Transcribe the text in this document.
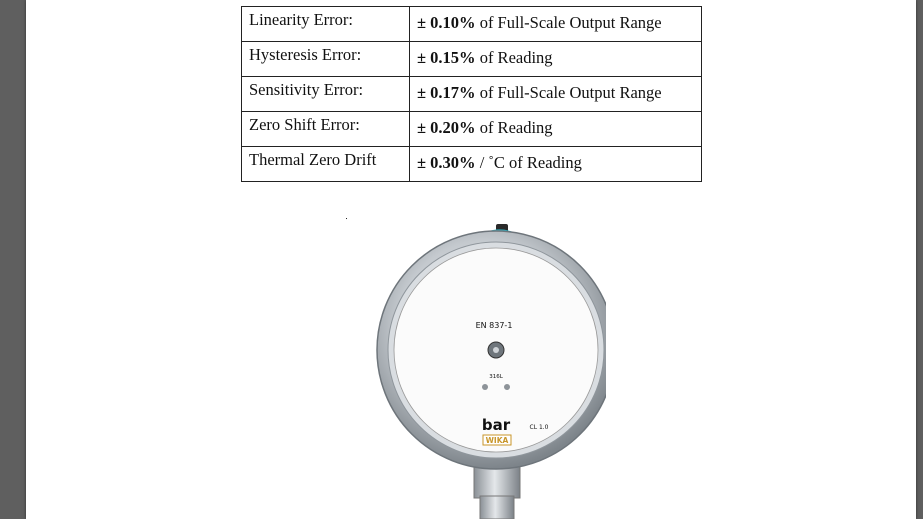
Linearity Error:	± 0.10% of Full-Scale Output Range
Hysteresis Error:	± 0.15% of Reading
Sensitivity Error:	± 0.17% of Full-Scale Output Range
Zero Shift Error:	± 0.20% of Reading
Thermal Zero Drift	± 0.30% / ˚C of Reading
EN 837-1
316L
bar	CL 1.0
WIKA
